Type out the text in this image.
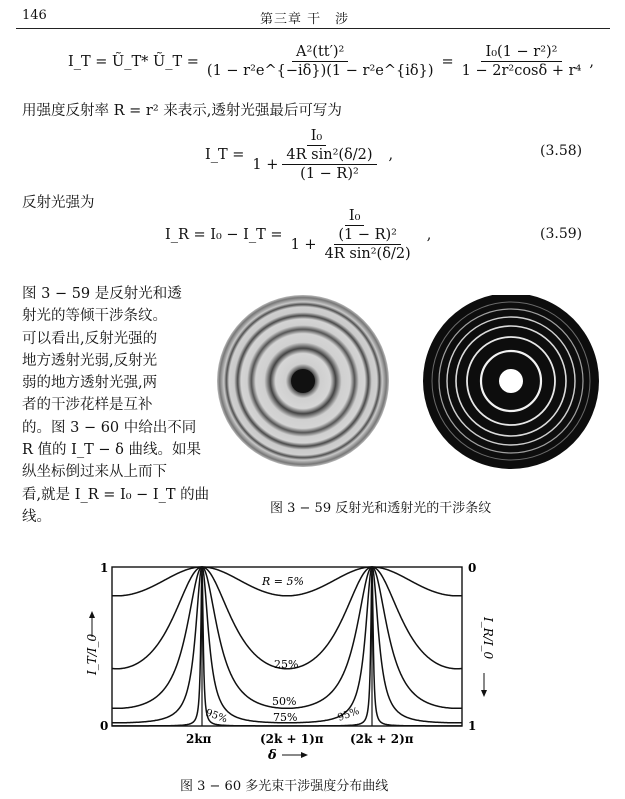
146	第三章 干　涉
I_T = Ũ_T* Ũ_T = $\frac{\text{A²(tt′)²}}{\text{(1 − r²e\textasciicircum{}\{−iδ\})(1 − r²e\textasciicircum{}\{iδ\})}} = \frac{\text{I₀(1 − r²)²}}{\text{1 − 2r²cosδ + r⁴}}$ ,
用强度反射率 R = r² 来表示,透射光强最后可写为
I_T = $\frac{\text{I₀}}{1 + \frac{\text{4R sin²(δ/2)}}{\text{(1 − R)²}}}$ ,	(3.58)
反射光强为
I_R = I₀ − I_T = $\frac{\text{I₀}}{1 + \frac{\text{(1 − R)²}}{\text{4R sin²(δ/2)}}}$ ,	(3.59)
图 3 − 59 是反射光和透
射光的等倾干涉条纹。
可以看出,反射光强的
地方透射光弱,反射光
弱的地方透射光强,两
者的干涉花样是互补
的。图 3 − 60 中给出不同
R 值的 I_T − δ 曲线。如果
纵坐标倒过来从上而下
看,就是 I_R = I₀ − I_T 的曲
线。
图 3 − 59 反射光和透射光的干涉条纹
1
0
0
1
I_T/I_0	I_R/I_0
2kπ	(2k + 1)π (2k + 2)π
δ
R = 5%
25%
50%
75%
95%	95%
图 3 − 60 多光束干涉强度分布曲线
